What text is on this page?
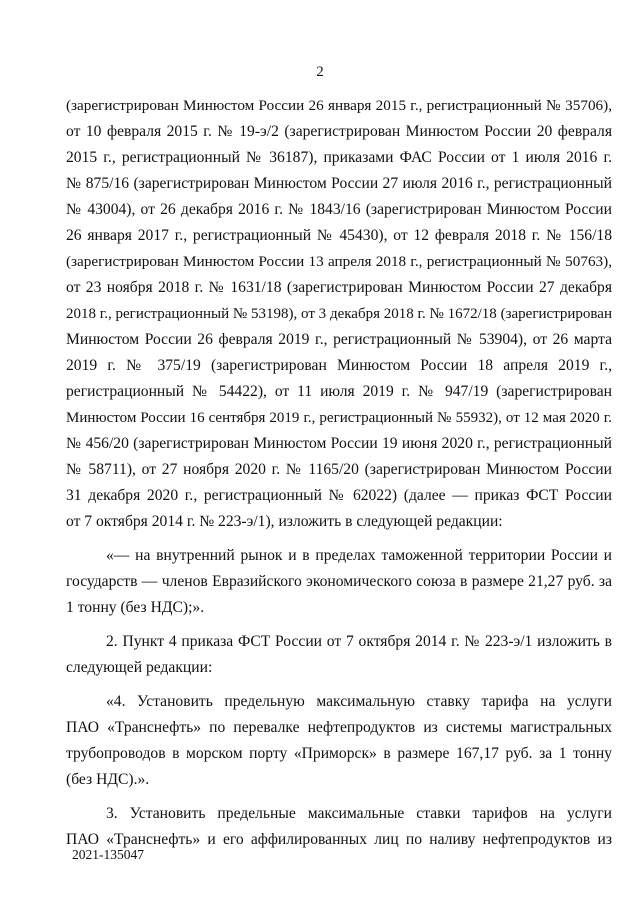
2
(зарегистрирован Минюстом России 26 января 2015 г., регистрационный № 35706),
от 10 февраля 2015 г. № 19-э/2 (зарегистрирован Минюстом России 20 февраля
2015 г., регистрационный № 36187), приказами ФАС России от 1 июля 2016 г.
№ 875/16 (зарегистрирован Минюстом России 27 июля 2016 г., регистрационный
№ 43004), от 26 декабря 2016 г. № 1843/16 (зарегистрирован Минюстом России
26 января 2017 г., регистрационный № 45430), от 12 февраля 2018 г. № 156/18
(зарегистрирован Минюстом России 13 апреля 2018 г., регистрационный № 50763),
от 23 ноября 2018 г. № 1631/18 (зарегистрирован Минюстом России 27 декабря
2018 г., регистрационный № 53198), от 3 декабря 2018 г. № 1672/18 (зарегистрирован
Минюстом России 26 февраля 2019 г., регистрационный № 53904), от 26 марта
2019 г. № 375/19 (зарегистрирован Минюстом России 18 апреля 2019 г.,
регистрационный № 54422), от 11 июля 2019 г. № 947/19 (зарегистрирован
Минюстом России 16 сентября 2019 г., регистрационный № 55932), от 12 мая 2020 г.
№ 456/20 (зарегистрирован Минюстом России 19 июня 2020 г., регистрационный
№ 58711), от 27 ноября 2020 г. № 1165/20 (зарегистрирован Минюстом России
31 декабря 2020 г., регистрационный № 62022) (далее — приказ ФСТ России
от 7 октября 2014 г. № 223-э/1), изложить в следующей редакции:
«— на внутренний рынок и в пределах таможенной территории России и
государств — членов Евразийского экономического союза в размере 21,27 руб. за
1 тонну (без НДС);».
2. Пункт 4 приказа ФСТ России от 7 октября 2014 г. № 223-э/1 изложить в
следующей редакции:
«4. Установить предельную максимальную ставку тарифа на услуги
ПАО «Транснефть» по перевалке нефтепродуктов из системы магистральных
трубопроводов в морском порту «Приморск» в размере 167,17 руб. за 1 тонну
(без НДС).».
3. Установить предельные максимальные ставки тарифов на услуги
ПАО «Транснефть» и его аффилированных лиц по наливу нефтепродуктов из
2021-135047
